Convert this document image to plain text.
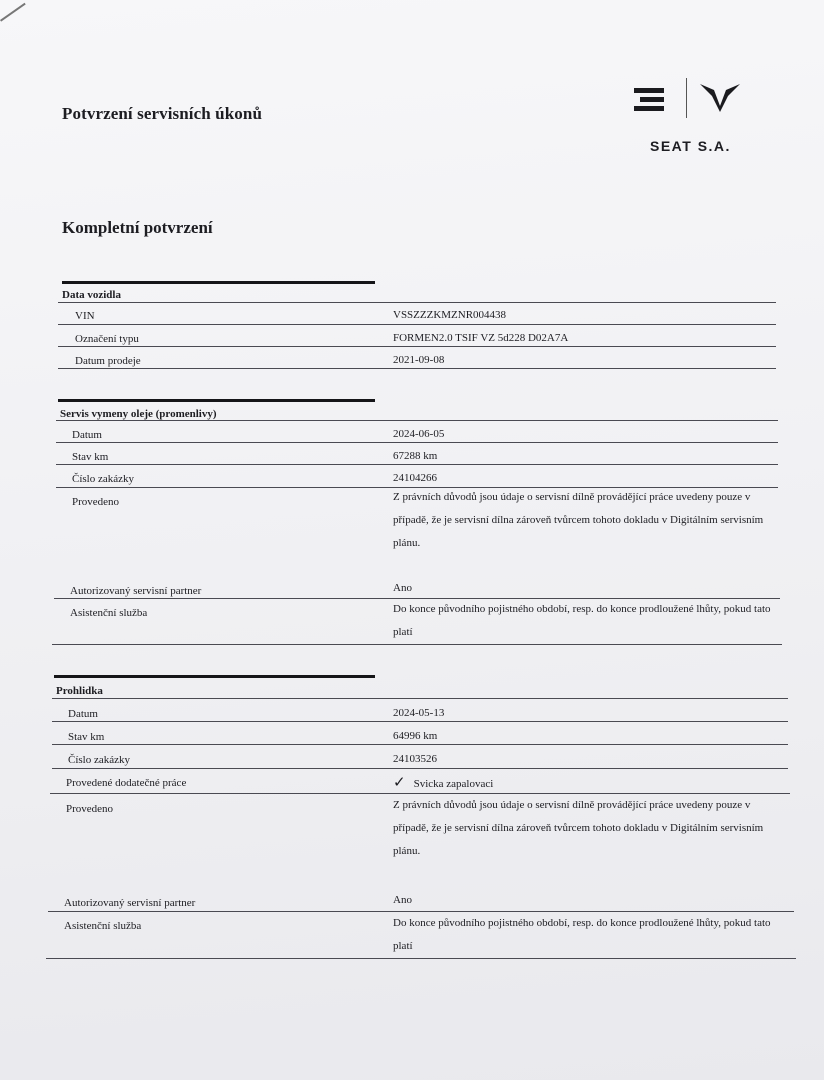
Potvrzení servisních úkonů
SEAT S.A.
Kompletní potvrzení
Data vozidla
VIN	VSSZZZKMZNR004438
Označení typu	FORMEN2.0 TSIF VZ 5d228 D02A7A
Datum prodeje	2021-09-08
Servis vymeny oleje (promenlivy)
Datum	2024-06-05
Stav km	67288 km
Číslo zakázky	24104266
Provedeno	Z právních důvodů jsou údaje o servisní dílně provádějící práce uvedeny pouze v případě, že je servisní dílna zároveň tvůrcem tohoto dokladu v Digitálním servisním plánu.
Autorizovaný servisní partner	Ano
Asistenční služba	Do konce původního pojistného období, resp. do konce prodloužené lhůty, pokud tato platí
Prohlidka
Datum	2024-05-13
Stav km	64996 km
Číslo zakázky	24103526
Provedené dodatečné práce	✓ Svicka zapalovaci
Provedeno	Z právních důvodů jsou údaje o servisní dílně provádějící práce uvedeny pouze v případě, že je servisní dílna zároveň tvůrcem tohoto dokladu v Digitálním servisním plánu.
Autorizovaný servisní partner	Ano
Asistenční služba	Do konce původního pojistného období, resp. do konce prodloužené lhůty, pokud tato platí
